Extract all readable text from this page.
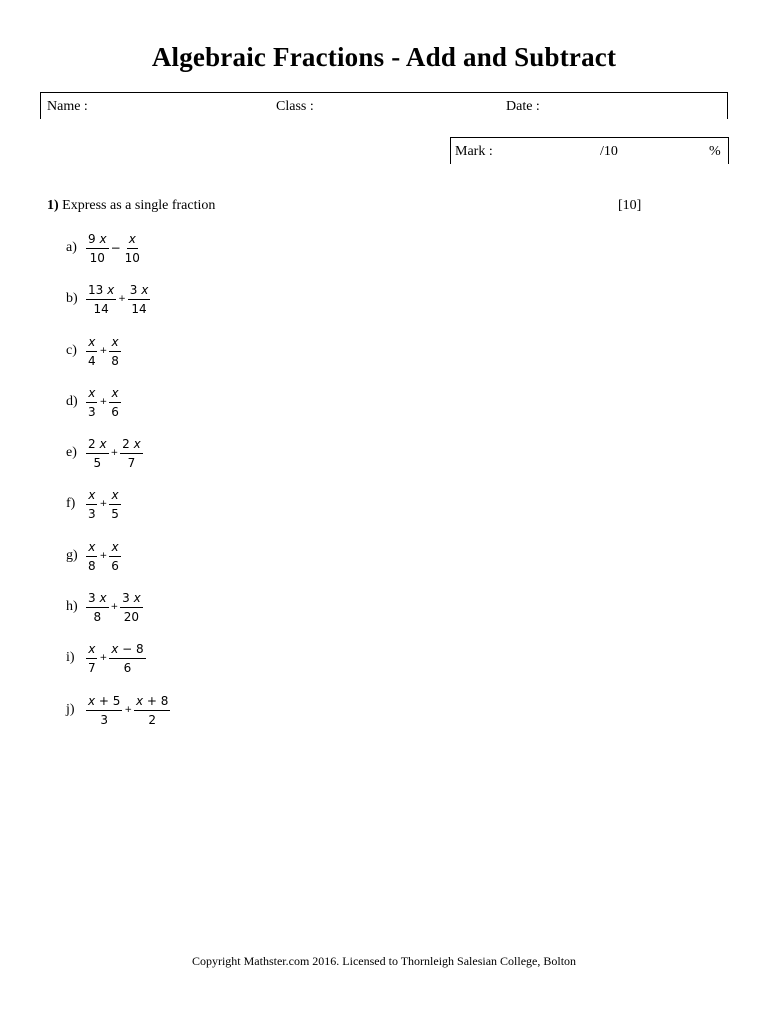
Algebraic Fractions - Add and Subtract
Name :	Class :	Date :
Mark :	/10	%
1) Express as a single fraction	[10]
$a) \frac{9 x}{10} - \frac{x}{10}$
$b) \frac{13 x}{14} + \frac{3 x}{14}$
$c) \frac{x}{4} + \frac{x}{8}$
$d) \frac{x}{3} + \frac{x}{6}$
$e) \frac{2 x}{5} + \frac{2 x}{7}$
$f) \frac{x}{3} + \frac{x}{5}$
$g) \frac{x}{8} + \frac{x}{6}$
$h) \frac{3 x}{8} + \frac{3 x}{20}$
$i) \frac{x}{7} + \frac{x - 8}{6}$
$j) \frac{x + 5}{3} + \frac{x + 8}{2}$
Copyright Mathster.com 2016. Licensed to Thornleigh Salesian College, Bolton
